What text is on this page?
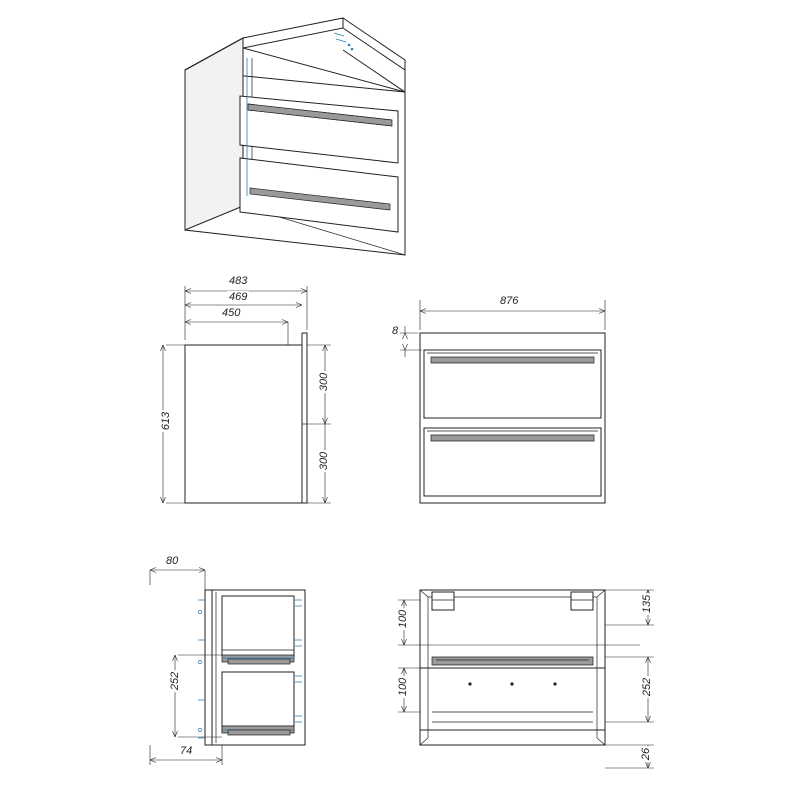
483
469
450
613
300
300
876
8
80
252
74
135
100
100	252
26
